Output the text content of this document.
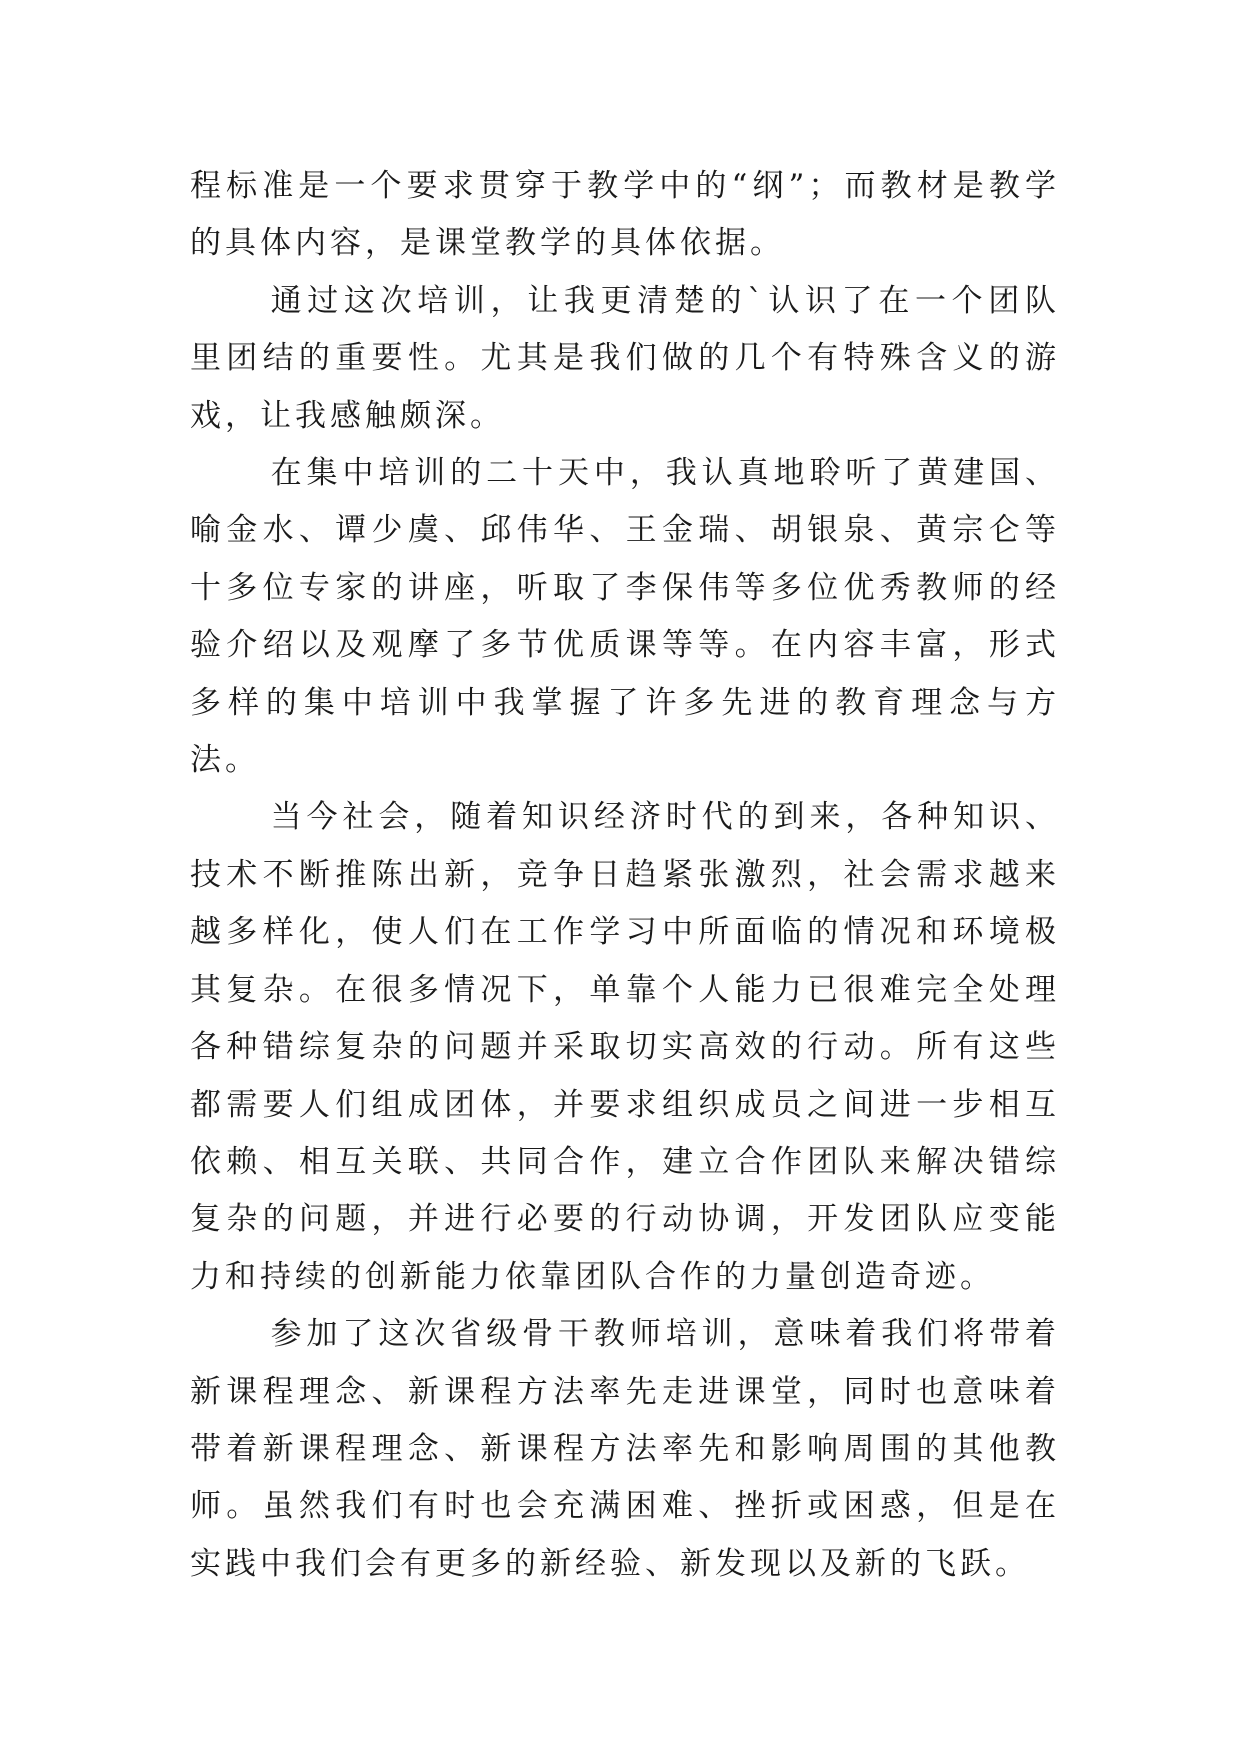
程标准是一个要求贯穿于教学中的“纲”；而教材是教学的具体内容，是课堂教学的具体依据。

通过这次培训，让我更清楚的`认识了在一个团队里团结的重要性。尤其是我们做的几个有特殊含义的游戏，让我感触颇深。

在集中培训的二十天中，我认真地聆听了黄建国、喻金水、谭少虞、邱伟华、王金瑞、胡银泉、黄宗仑等十多位专家的讲座，听取了李保伟等多位优秀教师的经验介绍以及观摩了多节优质课等等。在内容丰富，形式多样的集中培训中我掌握了许多先进的教育理念与方法。

当今社会，随着知识经济时代的到来，各种知识、技术不断推陈出新，竞争日趋紧张激烈，社会需求越来越多样化，使人们在工作学习中所面临的情况和环境极其复杂。在很多情况下，单靠个人能力已很难完全处理各种错综复杂的问题并采取切实高效的行动。所有这些都需要人们组成团体，并要求组织成员之间进一步相互依赖、相互关联、共同合作，建立合作团队来解决错综复杂的问题，并进行必要的行动协调，开发团队应变能力和持续的创新能力依靠团队合作的力量创造奇迹。

参加了这次省级骨干教师培训，意味着我们将带着新课程理念、新课程方法率先走进课堂，同时也意味着带着新课程理念、新课程方法率先和影响周围的其他教师。虽然我们有时也会充满困难、挫折或困惑，但是在实践中我们会有更多的新经验、新发现以及新的飞跃。
